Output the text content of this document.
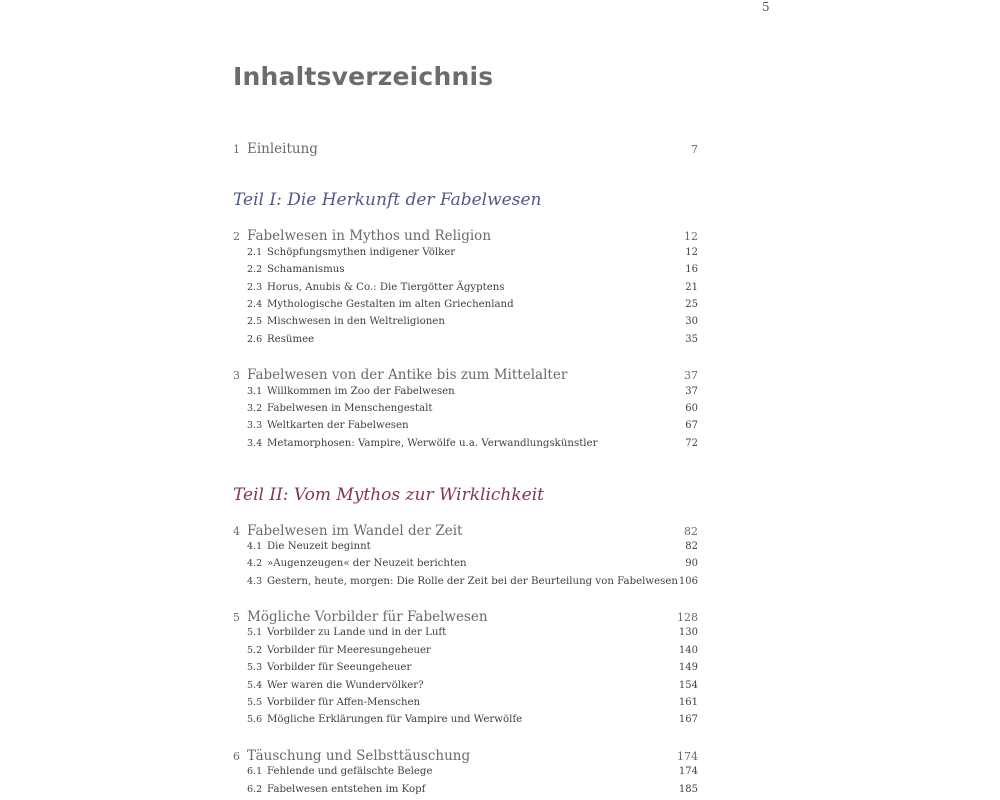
5
Inhaltsverzeichnis
1 Einleitung	7
Teil I: Die Herkunft der Fabelwesen
2 Fabelwesen in Mythos und Religion	12
2.1 Schöpfungsmythen indigener Völker	12
2.2 Schamanismus	16
2.3 Horus, Anubis & Co.: Die Tiergötter Ägyptens	21
2.4 Mythologische Gestalten im alten Griechenland	25
2.5 Mischwesen in den Weltreligionen	30
2.6 Resümee	35
3 Fabelwesen von der Antike bis zum Mittelalter	37
3.1 Willkommen im Zoo der Fabelwesen	37
3.2 Fabelwesen in Menschengestalt	60
3.3 Weltkarten der Fabelwesen	67
3.4 Metamorphosen: Vampire, Werwölfe u.a. Verwandlungskünstler	72
Teil II: Vom Mythos zur Wirklichkeit
4 Fabelwesen im Wandel der Zeit	82
4.1 Die Neuzeit beginnt	82
4.2 »Augenzeugen« der Neuzeit berichten	90
4.3 Gestern, heute, morgen: Die Rolle der Zeit bei der Beurteilung von Fabelwesen 106
5 Mögliche Vorbilder für Fabelwesen	128
5.1 Vorbilder zu Lande und in der Luft	130
5.2 Vorbilder für Meeresungeheuer	140
5.3 Vorbilder für Seeungeheuer	149
5.4 Wer waren die Wundervölker?	154
5.5 Vorbilder für Affen-Menschen	161
5.6 Mögliche Erklärungen für Vampire und Werwölfe	167
6 Täuschung und Selbsttäuschung	174
6.1 Fehlende und gefälschte Belege	174
6.2 Fabelwesen entstehen im Kopf	185
